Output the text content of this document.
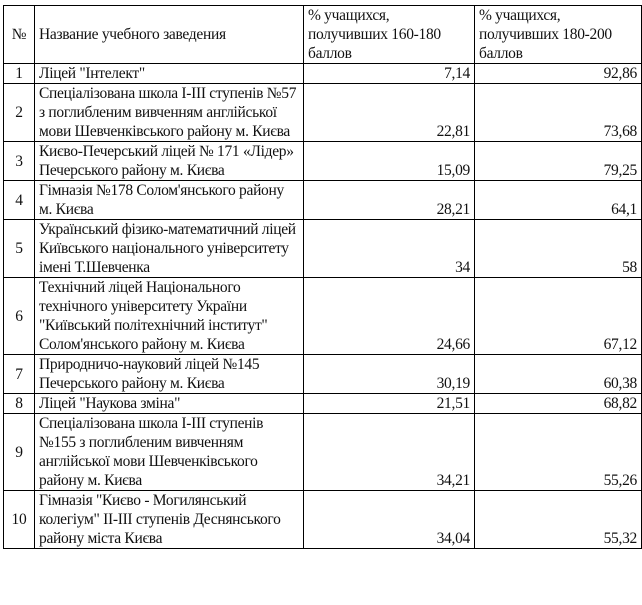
№	Название учебного заведения	% учащихся, получивших 160-180 баллов	% учащихся, получивших 180-200 баллов
1	Ліцей "Інтелект"	7,14	92,86
2	Спеціалізована школа І-ІІІ ступенів №57 з поглибленим вивченням англійської мови Шевченківського району м. Києва	22,81	73,68
3	Києво-Печерський ліцей № 171 «Лідер» Печерського району м. Києва	15,09	79,25
4	Гімназія №178 Солом'янського району м. Києва	28,21	64,1
5	Український фізико-математичний ліцей Київського національного університету імені Т.Шевченка	34	58
6	Технічний ліцей Національного технічного університету України "Київський політехнічний інститут" Солом'янського району м. Києва	24,66	67,12
7	Природничо-науковий ліцей №145 Печерського району м. Києва	30,19	60,38
8	Ліцей "Наукова зміна"	21,51	68,82
9	Спеціалізована школа І-ІІІ ступенів №155 з поглибленим вивченням англійської мови Шевченківського району м. Києва	34,21	55,26
10	Гімназія "Києво - Могилянський колегіум" ІІ-ІІІ ступенів Деснянського району міста Києва	34,04	55,32
